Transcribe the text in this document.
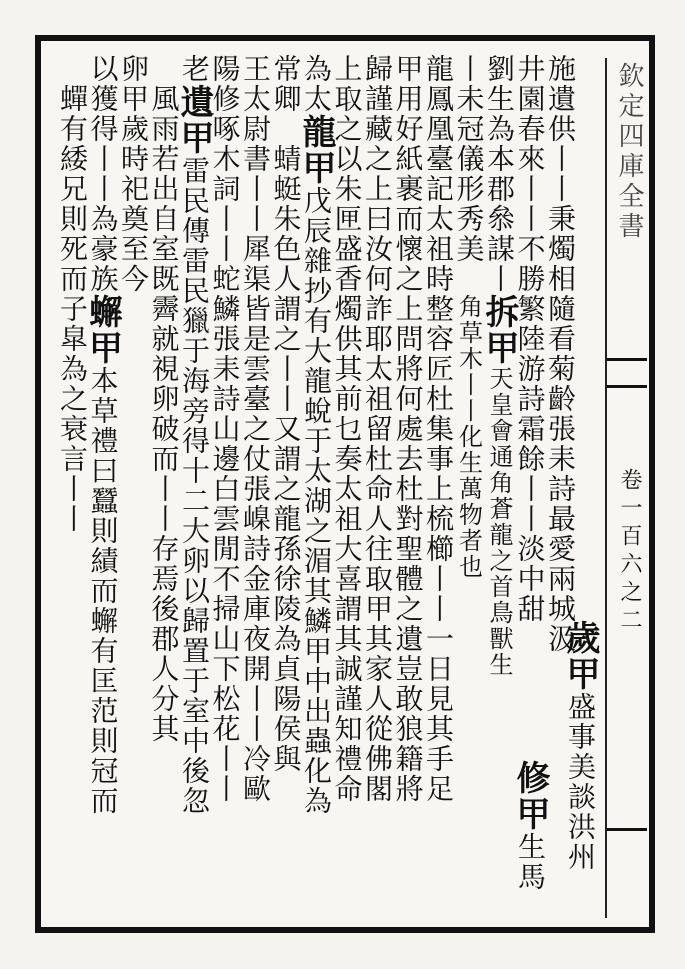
欽定四庫全書
卷一百六之二
施遺供丨丨秉燭相隨看菊齡張耒詩最愛兩城汲
井園春來丨丨不勝繁陸游詩霜餘丨丨淡中甜
劉生為本郡叅謀丨
拆甲
天皇會通角蒼龍之首鳥獸生
丨未冠儀形秀美

角草木丨丨化生萬物者也
龍鳳凰臺記太祖時整容匠杜集事上梳櫛丨丨一日見其手足
甲用好紙裹而懷之上問將何處去杜對聖體之遺豈敢狼籍將
歸謹藏之上曰汝何詐耶太祖留杜命人往取甲其家人從佛閣
上取之以朱匣盛香燭供其前乜奏太祖大喜謂其誠謹知禮命
為太
龍甲
戊辰雜抄有大龍蛻于太湖之湄其鱗甲中出蟲化為
常卿

蜻蜓朱色人謂之丨丨又謂之龍孫徐陵為貞陽侯與
王太尉書丨丨犀渠皆是雲臺之仗張嵲詩金庫夜開丨丨冷歐
陽修啄木詞丨丨蛇鱗張耒詩山邊白雲閒不掃山下松花丨丨
老
遺甲
雷民傳雷民獵于海旁得十二大卵以歸置于室中後忽

風雨若出自室既霽就視卵破而丨丨存焉後郡人分其
卵甲歲時祀奠至今
以獲得丨丨為豪族
蠏甲
本草禮曰蠶則績而蠏有匡范則冠而

蟬有緌兄則死而子皐為之衰言丨丨
歲甲
盛事美談洪州
修甲
生馬
